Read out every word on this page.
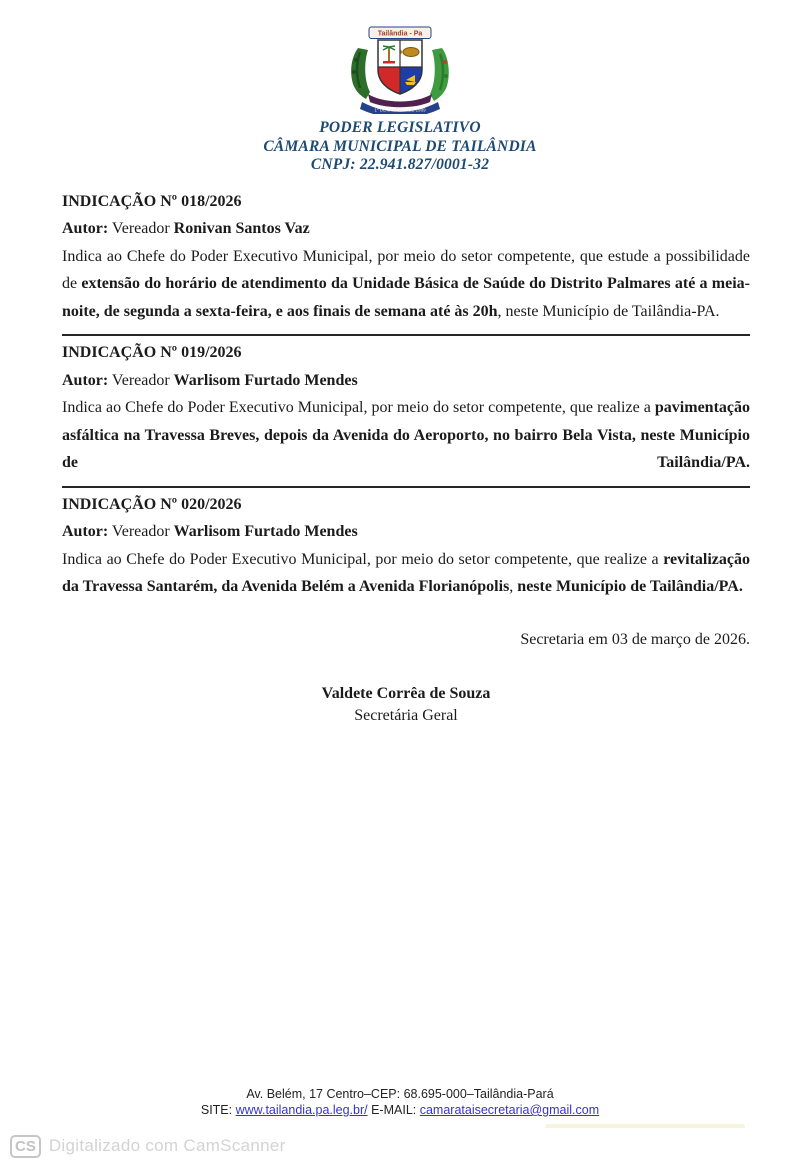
Tailândia - Pa
1º DE JANEIRO DE 1989
PODER LEGISLATIVO
CÂMARA MUNICIPAL DE TAILÂNDIA
CNPJ: 22.941.827/0001-32
INDICAÇÃO Nº 018/2026

Autor: Vereador Ronivan Santos Vaz

Indica ao Chefe do Poder Executivo Municipal, por meio do setor competente, que estude a possibilidade de extensão do horário de atendimento da Unidade Básica de Saúde do Distrito Palmares até a meia-noite, de segunda a sexta-feira, e aos finais de semana até às 20h, neste Município de Tailândia-PA.

INDICAÇÃO Nº 019/2026

Autor: Vereador Warlisom Furtado Mendes

Indica ao Chefe do Poder Executivo Municipal, por meio do setor competente, que realize a pavimentação asfáltica na Travessa Breves, depois da Avenida do Aeroporto, no bairro Bela Vista, neste Município de Tailândia/PA.

INDICAÇÃO Nº 020/2026

Autor: Vereador Warlisom Furtado Mendes

Indica ao Chefe do Poder Executivo Municipal, por meio do setor competente, que realize a revitalização da Travessa Santarém, da Avenida Belém a Avenida Florianópolis, neste Município de Tailândia/PA.

Secretaria em 03 de março de 2026.

Valdete Corrêa de Souza
Secretária Geral
Av. Belém, 17 Centro–CEP: 68.695-000–Tailândia-Pará
SITE: www.tailandia.pa.leg.br/ E-MAIL: camarataisecretaria@gmail.com
CS Digitalizado com CamScanner
